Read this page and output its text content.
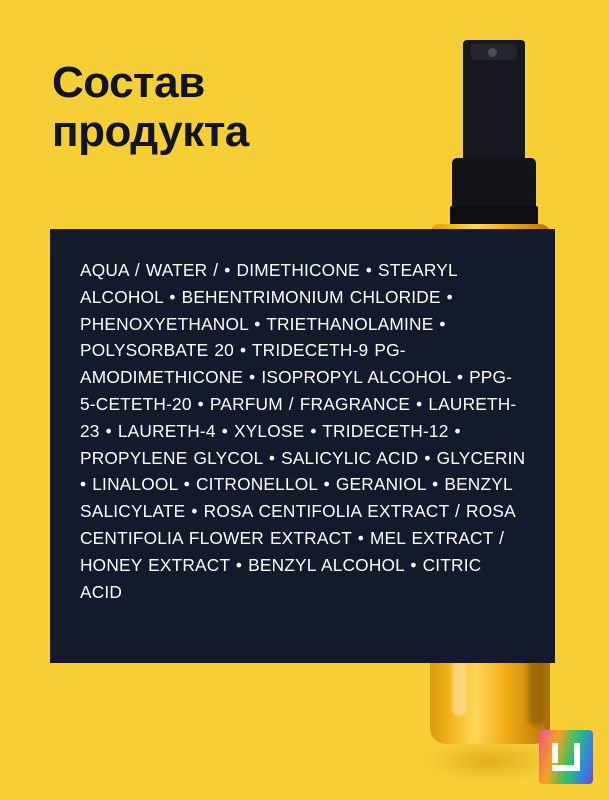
Состав
продукта
AQUA / WATER / • DIMETHICONE • STEARYL ALCOHOL • BEHENTRIMONIUM CHLORIDE • PHENOXYETHANOL • TRIETHANOLAMINE • POLYSORBATE 20 • TRIDECETH-9 PG-AMODIMETHICONE • ISOPROPYL ALCOHOL • PPG-5-CETETH-20 • PARFUM / FRAGRANCE • LAURETH-23 • LAURETH-4 • XYLOSE • TRIDECETH-12 • PROPYLENE GLYCOL • SALICYLIC ACID • GLYCERIN • LINALOOL • CITRONELLOL • GERANIOL • BENZYL SALICYLATE • ROSA CENTIFOLIA EXTRACT / ROSA CENTIFOLIA FLOWER EXTRACT • MEL EXTRACT / HONEY EXTRACT • BENZYL ALCOHOL • CITRIC ACID
